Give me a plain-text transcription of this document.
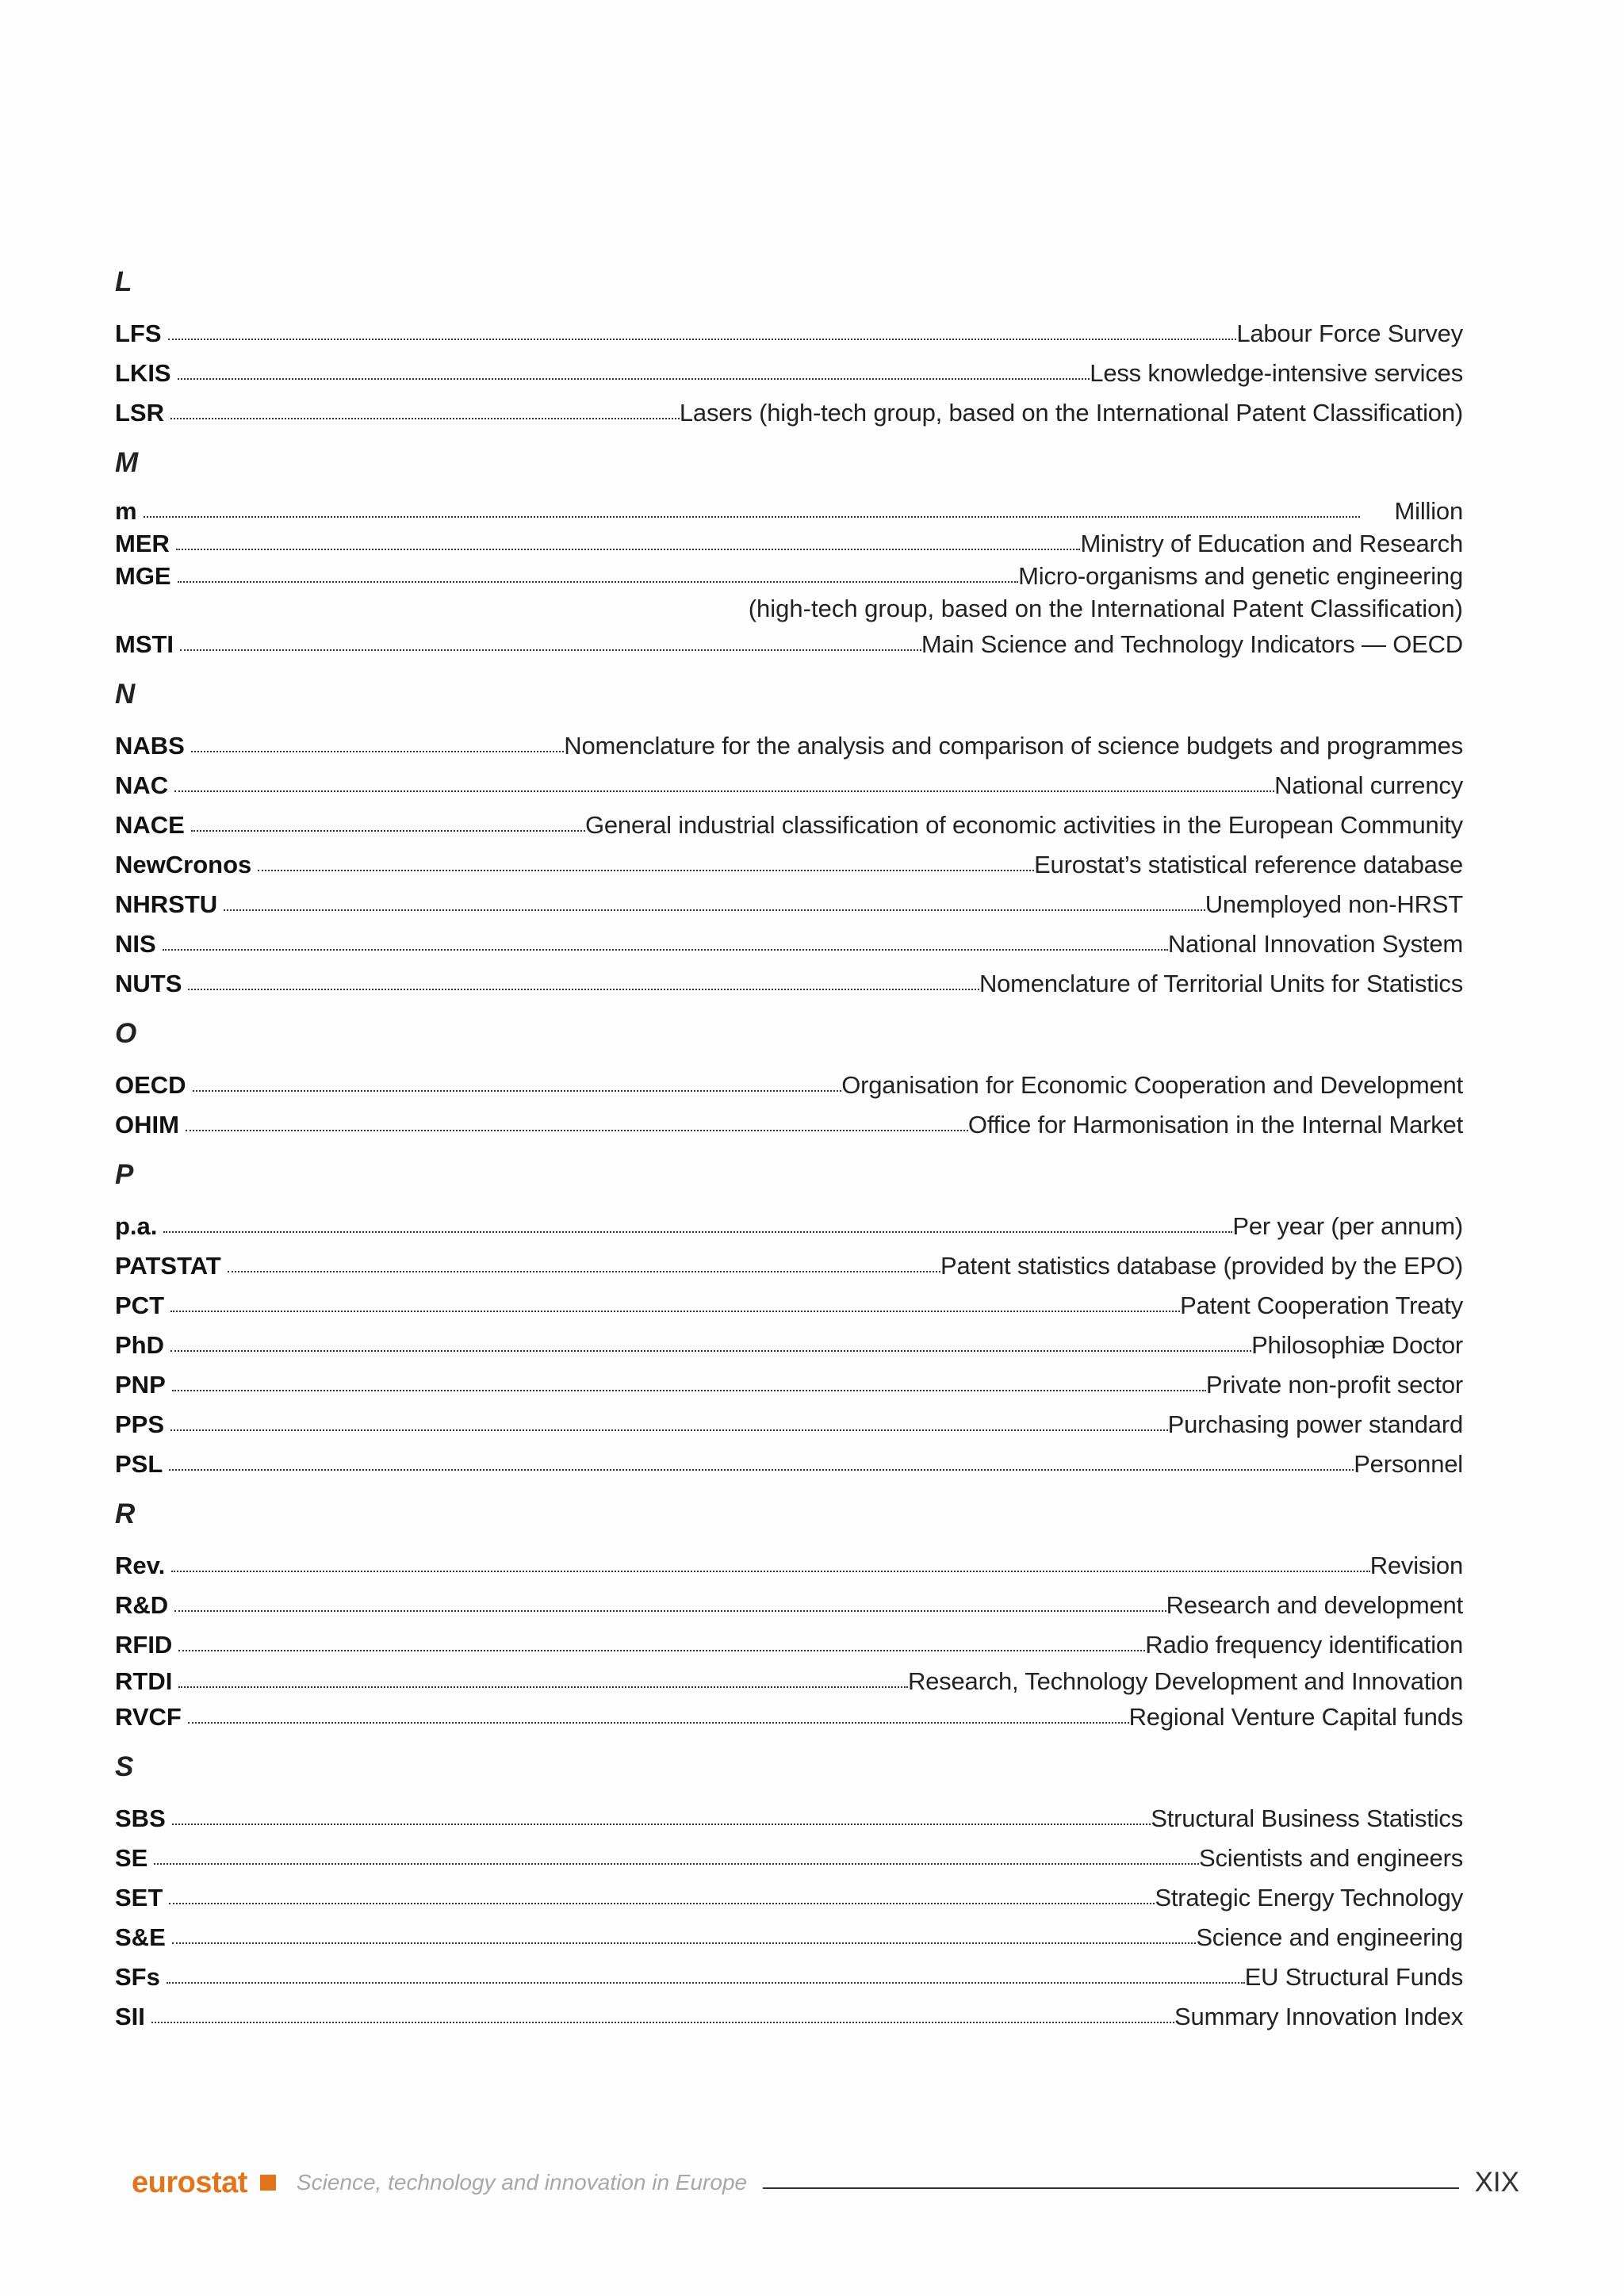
L
LFS	Labour Force Survey
LKIS	Less knowledge-intensive services
LSR	Lasers (high-tech group, based on the International Patent Classification)
M
m	Million
MER	Ministry of Education and Research
MGE	Micro-organisms and genetic engineering
(high-tech group, based on the International Patent Classification)
MSTI	Main Science and Technology Indicators — OECD
N
NABS	Nomenclature for the analysis and comparison of science budgets and programmes
NAC	National currency
NACE	General industrial classification of economic activities in the European Community
NewCronos	Eurostat’s statistical reference database
NHRSTU	Unemployed non-HRST
NIS	National Innovation System
NUTS	Nomenclature of Territorial Units for Statistics
O
OECD	Organisation for Economic Cooperation and Development
OHIM	Office for Harmonisation in the Internal Market
P
p.a.	Per year (per annum)
PATSTAT	Patent statistics database (provided by the EPO)
PCT	Patent Cooperation Treaty
PhD	Philosophiæ Doctor
PNP	Private non-profit sector
PPS	Purchasing power standard
PSL	Personnel
R
Rev.	Revision
R&D	Research and development
RFID	Radio frequency identification
RTDI	Research, Technology Development and Innovation
RVCF	Regional Venture Capital funds
S
SBS	Structural Business Statistics
SE	Scientists and engineers
SET	Strategic Energy Technology
S&E	Science and engineering
SFs	EU Structural Funds
SII	Summary Innovation Index
eurostat Science, technology and innovation in Europe	XIX
